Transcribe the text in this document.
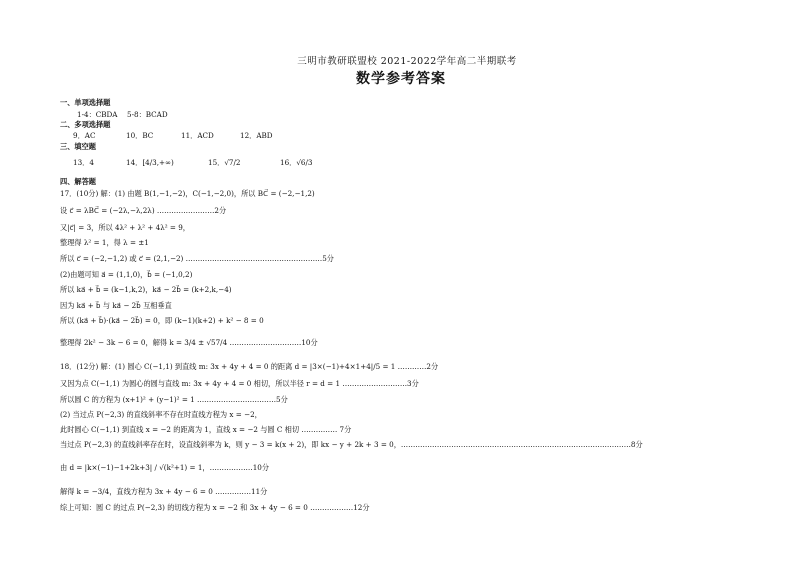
三明市教研联盟校 2021-2022学年高二半期联考
数学参考答案
一、单项选择题
1-4：CBDA 5-8：BCAD
二、多项选择题
9．AC	10．BC	11．ACD	12．ABD
三、填空题
13．4	14．[4/3,+∞)	15．√7/2	16．√6/3
四、解答题
17．(10分) 解：(1) 由题 B(1,−1,−2)，C(−1,−2,0)，所以 BC⃗ = (−2,−1,2)
设 c⃗ = λBC⃗ = (−2λ,−λ,2λ) ……………………2分
又|c⃗| = 3，所以 4λ² + λ² + 4λ² = 9，
整理得 λ² = 1，得 λ = ±1
所以 c⃗ = (−2,−1,2) 或 c⃗ = (2,1,−2) …………………………………………………5分
(2)由题可知 a⃗ = (1,1,0)，b⃗ = (−1,0,2)
所以 ka⃗ + b⃗ = (k−1,k,2)，ka⃗ − 2b⃗ = (k+2,k,−4)
因为 ka⃗ + b⃗ 与 ka⃗ − 2b⃗ 互相垂直
所以 (ka⃗ + b⃗)·(ka⃗ − 2b⃗) = 0，即 (k−1)(k+2) + k² − 8 = 0
整理得 2k² − 3k − 6 = 0，解得 k = 3/4 ± √57/4 …………………………10分
18．(12分) 解：(1) 圆心 C(−1,1) 到直线 m: 3x + 4y + 4 = 0 的距离 d = |3×(−1)+4×1+4|/5 = 1 …………2分
又因为点 C(−1,1) 为圆心的圆与直线 m: 3x + 4y + 4 = 0 相切，所以半径 r = d = 1 ………………………3分
所以圆 C 的方程为 (x+1)² + (y−1)² = 1 ……………………………5分
(2) 当过点 P(−2,3) 的直线斜率不存在时直线方程为 x = −2，
此时圆心 C(−1,1) 到直线 x = −2 的距离为 1，直线 x = −2 与圆 C 相切 …………… 7分
当过点 P(−2,3) 的直线斜率存在时，设直线斜率为 k，则 y − 3 = k(x + 2)，即 kx − y + 2k + 3 = 0，……………………………………………………………………………………8分
由 d = |k×(−1)−1+2k+3| / √(k²+1) = 1，………………10分
解得 k = −3/4，直线方程为 3x + 4y − 6 = 0 ……………11分
综上可知：圆 C 的过点 P(−2,3) 的切线方程为 x = −2 和 3x + 4y − 6 = 0 ………………12分
